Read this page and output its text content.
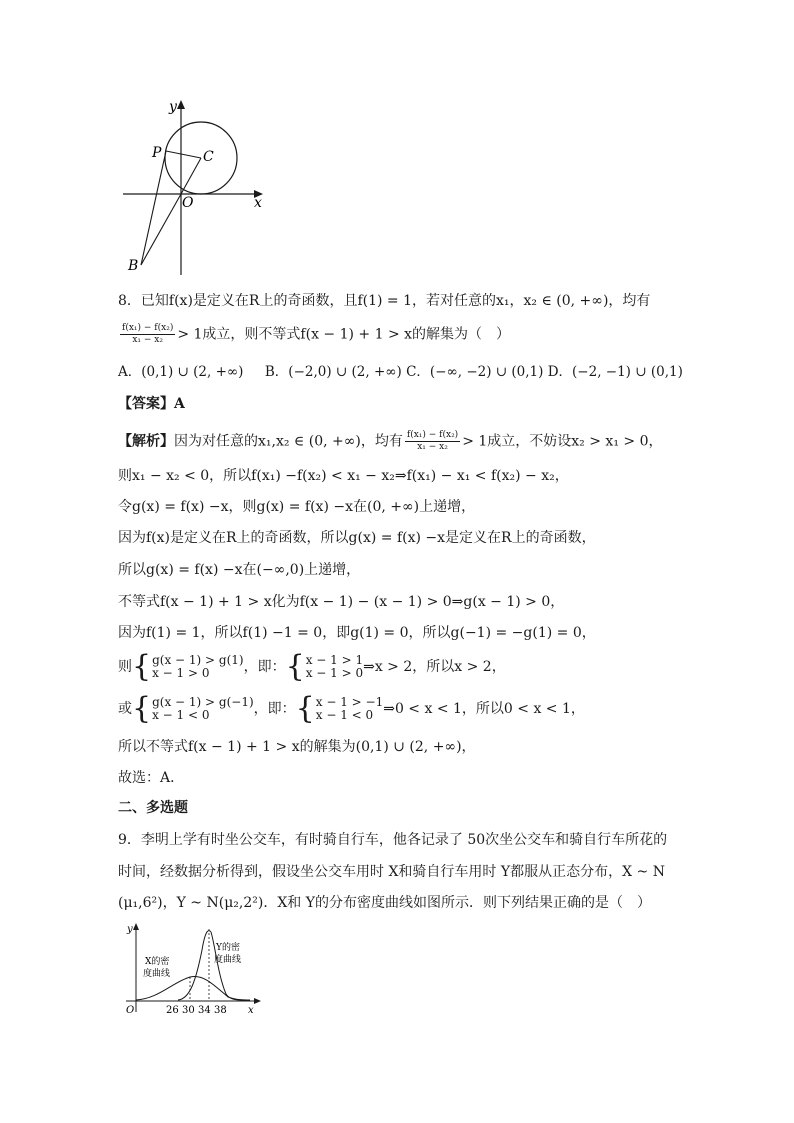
y
x
P	C
O
B
8．已知f(x)是定义在R上的奇函数，且f(1) = 1，若对任意的x₁，x₂ ∈ (0, +∞)，均有
$\frac{\text{f(x₁) − f(x₂)}}{\text{x₁ − x₂}} > 1$成立，则不等式f(x − 1) + 1 > x的解集为（　）
A．(0,1) ∪ (2, +∞) B．(−2,0) ∪ (2, +∞) C．(−∞, −2) ∪ (0,1) D．(−2, −1) ∪ (0,1)
【答案】A
【解析】因为对任意的x₁,x₂ ∈ (0, +∞)，均有 $\frac{\text{f(x₁) − f(x₂)}}{\text{x₁ − x₂}} > 1$成立，不妨设x₂ > x₁ > 0，
则x₁ − x₂ < 0，所以f(x₁) −f(x₂) < x₁ − x₂⇒f(x₁) − x₁ < f(x₂) − x₂，
令g(x) = f(x) −x，则g(x) = f(x) −x在(0, +∞)上递增，
因为f(x)是定义在R上的奇函数，所以g(x) = f(x) −x是定义在R上的奇函数，
所以g(x) = f(x) −x在(−∞,0)上递增，
不等式f(x − 1) + 1 > x化为f(x − 1) − (x − 1) > 0⇒g(x − 1) > 0，
因为f(1) = 1，所以f(1) −1 = 0，即g(1) = 0，所以g(−1) = −g(1) = 0，
则{ g(x − 1) > g(1)
x − 1 > 0	，即：{ x − 1 > 1
x − 1 > 0 ⇒x > 2，所以x > 2，
或{ g(x − 1) > g(−1)
x − 1 < 0	，即：{ x − 1 > −1
x − 1 < 0 ⇒0 < x < 1，所以0 < x < 1，
所以不等式f(x − 1) + 1 > x的解集为(0,1) ∪ (2, +∞)，
故选：A．
二、多选题
9．李明上学有时坐公交车，有时骑自行车，他各记录了 50次坐公交车和骑自行车所花的
时间，经数据分析得到，假设坐公交车用时 X和骑自行车用时 Y都服从正态分布，X ~ N
(μ₁,6²)，Y ~ N(μ₂,2²)．X和 Y的分布密度曲线如图所示．则下列结果正确的是（　）
y
x
O
X的密
度曲线
Y的密
度曲线
26 30 34 38
